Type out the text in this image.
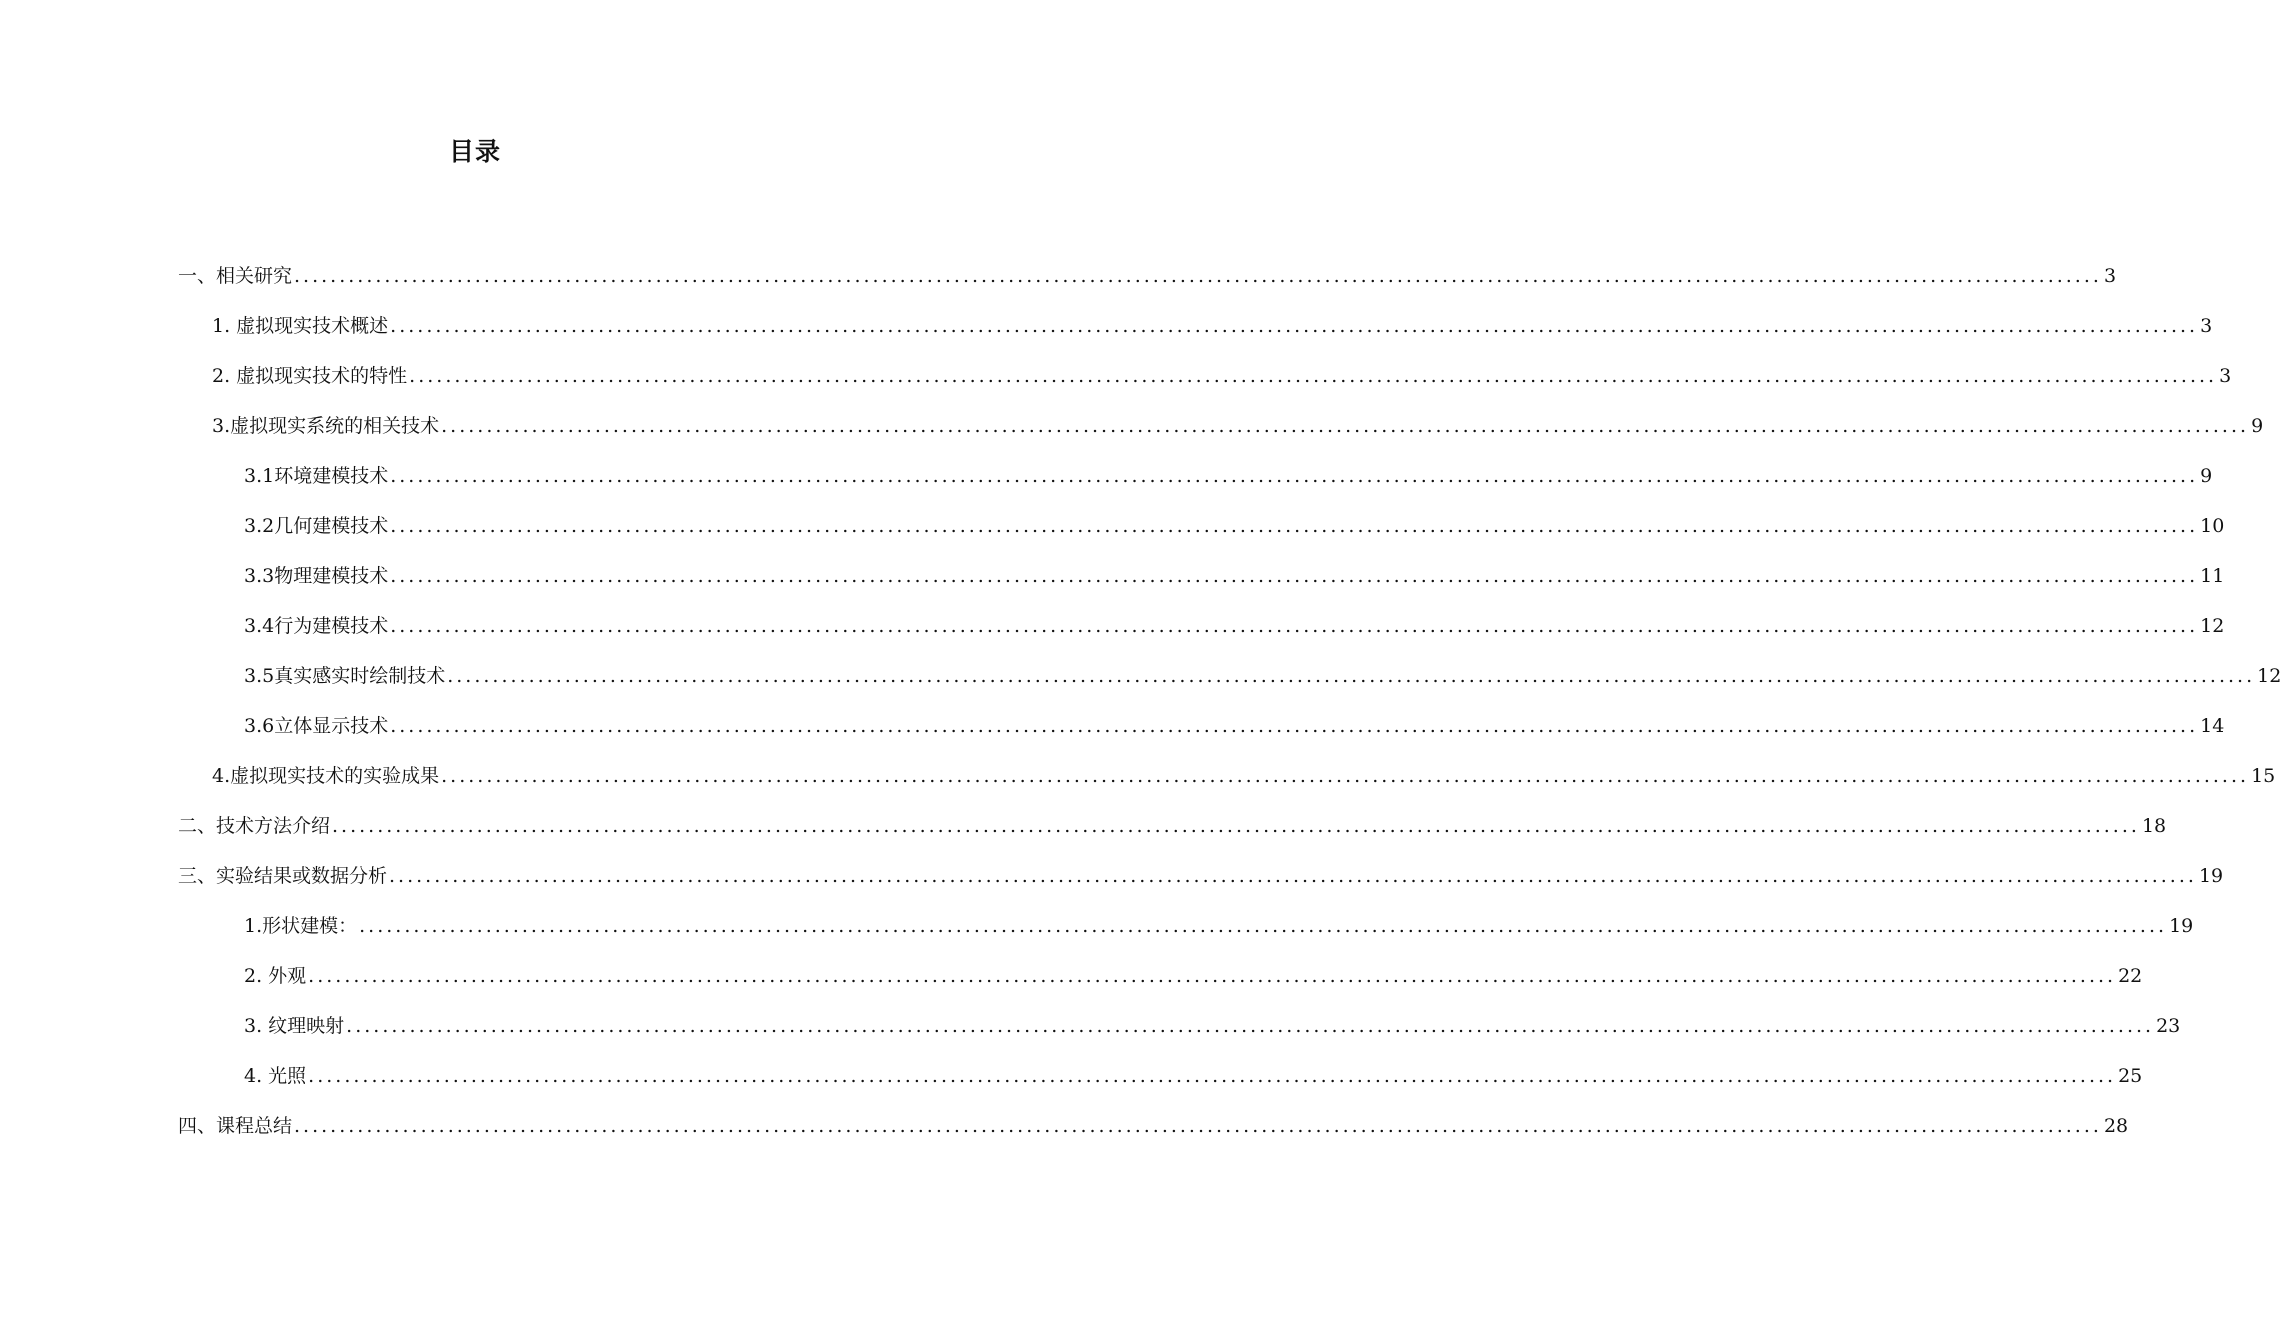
目录
一、相关研究 ........................................................................................................................................................................................................ 3
1. 虚拟现实技术概述 ........................................................................................................................................................................................................ 3
2. 虚拟现实技术的特性 ........................................................................................................................................................................................................ 3
3.虚拟现实系统的相关技术 ........................................................................................................................................................................................................ 9
3.1环境建模技术 ........................................................................................................................................................................................................ 9
3.2几何建模技术 ........................................................................................................................................................................................................ 10
3.3物理建模技术 ........................................................................................................................................................................................................ 11
3.4行为建模技术 ........................................................................................................................................................................................................ 12
3.5真实感实时绘制技术 ........................................................................................................................................................................................................ 12
3.6立体显示技术 ........................................................................................................................................................................................................ 14
4.虚拟现实技术的实验成果 ........................................................................................................................................................................................................ 15
二、技术方法介绍 ........................................................................................................................................................................................................ 18
三、实验结果或数据分析 ........................................................................................................................................................................................................ 19
1.形状建模： ........................................................................................................................................................................................................ 19
2. 外观 ........................................................................................................................................................................................................ 22
3. 纹理映射 ........................................................................................................................................................................................................ 23
4. 光照 ........................................................................................................................................................................................................ 25
四、课程总结 ........................................................................................................................................................................................................ 28
